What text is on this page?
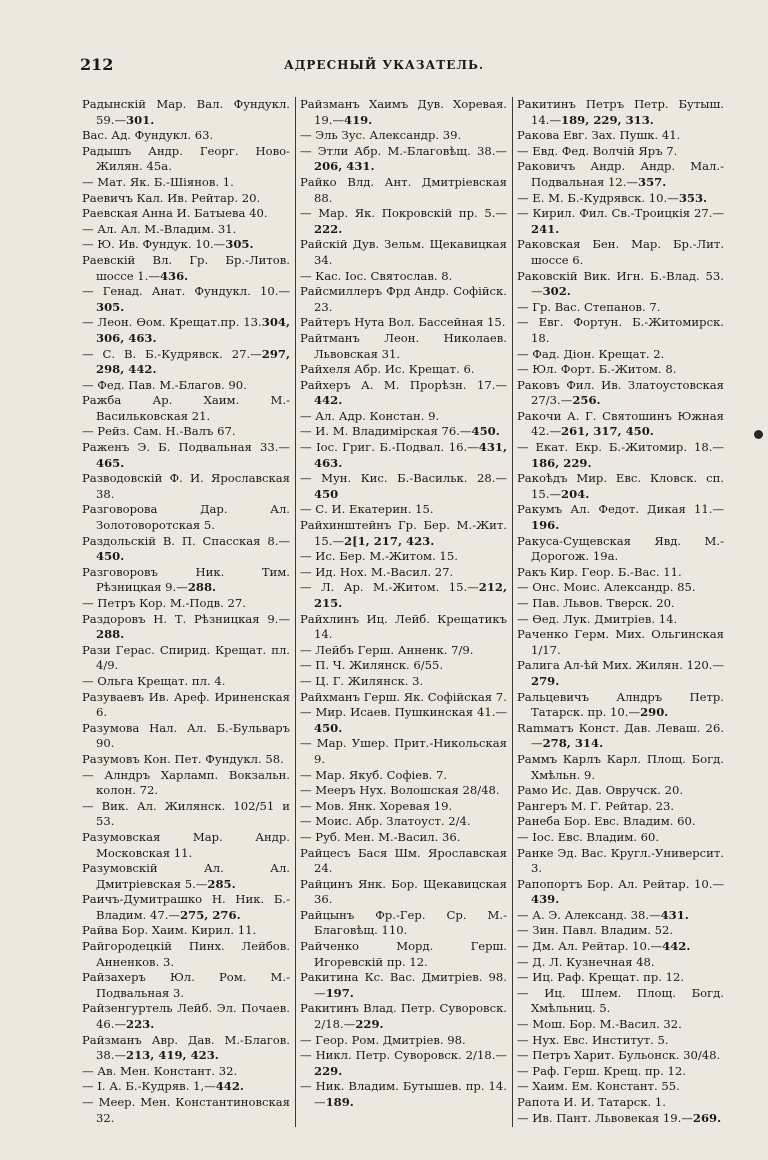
212	АДРЕСНЫЙ УКАЗАТЕЛЬ.

Радынскій Мар. Вал. Фундукл. 59.—301.

Вас. Ад. Фундукл. 63.

Радышъ Андр. Георг. Ново-Жилян. 45а.

— Мат. Як. Б.-Шіянов. 1.

Раевичъ Кал. Ив. Рейтар. 20.

Раевская Анна И. Батыева 40.

— Ал. Ал. М.-Владим. 31.

— Ю. Ив. Фундук. 10.—305.

Раевскій Вл. Гр. Бр.-Литов. шоссе 1.—436.

— Генад. Анат. Фундукл. 10.—305.

— Леон. Ѳом. Крещат.пр. 13.304, 306, 463.

— С. В. Б.-Кудрявск. 27.—297, 298, 442.

— Фед. Пав. М.-Благов. 90.

Ражба Ар. Хаим. М.-Васильковская 21.

— Рейз. Сам. Н.-Валъ 67.

Раженъ Э. Б. Подвальная 33.—465.

Разводовскій Ф. И. Ярославская 38.

Разговорова Дар. Ал. Золотоворотская 5.

Раздольскій В. П. Спасская 8.—450.

Разговоровъ Ник. Тим. Рѣзницкая 9.—288.

— Петръ Кор. М.-Подв. 27.

Раздоровъ Н. Т. Рѣзницкая 9.—288.

Рази Герас. Спирид. Крещат. пл. 4/9.

— Ольга Крещат. пл. 4.

Разуваевъ Ив. Ареф. Ириненская 6.

Разумова Нал. Ал. Б.-Бульваръ 90.

Разумовъ Кон. Пет. Фундукл. 58.

— Алндръ Харламп. Вокзальн. колон. 72.

— Вик. Ал. Жилянск. 102/51 и 53.

Разумовская Мар. Андр. Московская 11.

Разумовскій Ал. Ал. Дмитріевская 5.—285.

Раичъ-Думитрашко Н. Ник. Б.-Владим. 47.—275, 276.

Райва Бор. Хаим. Кирил. 11.

Райгородецкій Пинх. Лейбов. Анненков. 3.

Райзахеръ Юл. Ром. М.-Подвальная 3.

Райзенгуртель Лейб. Эл. Почаев. 46.—223.

Райзманъ Авр. Дав. М.-Благов. 38.—213, 419, 423.

— Ав. Мен. Констант. 32.

— I. А. Б.-Кудряв. 1,—442.

— Меер. Мен. Константиновская 32.

Райзманъ Хаимъ Дув. Хоревая. 19.—419.

— Эль Зус. Александр. 39.

— Этли Абр. М.-Благовѣщ. 38.—206, 431.

Райко Влд. Ант. Дмитріевская 88.

— Мар. Як. Покровскій пр. 5.—222.

Райскій Дув. Зельм. Щекавицкая 34.

— Кас. Іос. Святослав. 8.

Райсмиллеръ Фрд Андр. Софійск. 23.

Райтеръ Нута Вол. Бассейная 15.

Райтманъ Леон. Николаев. Львовская 31.

Райхеля Абр. Ис. Крещат. 6.

Райхеръ А. М. Прорѣзн. 17.—442.

— Ал. Адр. Констан. 9.

— И. М. Владимірская 76.—450.

— Іос. Григ. Б.-Подвал. 16.—431, 463.

— Мун. Кис. Б.-Васильк. 28.—450

— С. И. Екатерин. 15.

Райхинштейнъ Гр. Бер. М.-Жит. 15.—2[1, 217, 423.

— Ис. Бер. М.-Житом. 15.

— Ид. Нох. М.-Васил. 27.

— Л. Ар. М.-Житом. 15.—212, 215.

Райхлинъ Иц. Лейб. Крещатикъ 14.

— Лейбъ Герш. Анненк. 7/9.

— П. Ч. Жилянск. 6/55.

— Ц. Г. Жилянск. 3.

Райхманъ Герш. Як. Софійская 7.

— Мир. Исаев. Пушкинская 41.—450.

— Мар. Ушер. Прит.-Никольская 9.

— Мар. Якуб. Софіев. 7.

— Мееръ Нух. Волошская 28/48.

— Мов. Янк. Хоревая 19.

— Моис. Абр. Златоуст. 2/4.

— Руб. Мен. М.-Васил. 36.

Райцесъ Бася Шм. Ярославская 24.

Райцинъ Янк. Бор. Щекавицская 36.

Райцынъ Фр.-Гер. Ср. М.-Благовѣщ. 110.

Райченко Морд. Герш. Игоревскій пр. 12.

Ракитина Кс. Вас. Дмитріев. 98.—197.

Ракитинъ Влад. Петр. Суворовск. 2/18.—229.

— Геор. Ром. Дмитріев. 98.

— Никл. Петр. Суворовск. 2/18.—229.

— Ник. Владим. Бутышев. пр. 14.—189.

Ракитинъ Петръ Петр. Бутыш. 14.—189, 229, 313.

Ракова Евг. Зах. Пушк. 41.

— Евд. Фед. Волчій Яръ 7.

Раковичъ Андр. Андр. Мал.-Подвальная 12.—357.

— Е. М. Б.-Кудрявск. 10.—353.

— Кирил. Фил. Св.-Троицкія 27.—241.

Раковская Бен. Мар. Бр.-Лит. шоссе 6.

Раковскій Вик. Игн. Б.-Влад. 53.—302.

— Гр. Вас. Степанов. 7.

— Евг. Фортун. Б.-Житомирск. 18.

— Фад. Діон. Крещат. 2.

— Юл. Форт. Б.-Житом. 8.

Раковъ Фил. Ив. Златоустовская 27/3.—256.

Ракочи А. Г. Святошинъ Южная 42.—261, 317, 450.

— Екат. Екр. Б.-Житомир. 18.—186, 229.

Ракоѣдъ Мир. Евс. Кловск. сп. 15.—204.

Ракумъ Ал. Федот. Дикая 11.—196.

Ракуса-Сущевская Явд. М.-Дорогож. 19а.

Ракъ Кир. Геор. Б.-Вас. 11.

— Онс. Моис. Александр. 85.

— Пав. Львов. Тверск. 20.

— Ѳед. Лук. Дмитріев. 14.

Раченко Герм. Мих. Ольгинская 1/17.

Ралига Ал-ѣй Мих. Жилян. 120.—279.

Ральцевичъ Алндръ Петр. Татарск. пр. 10.—290.

Ramматъ Конст. Дав. Леваш. 26.—278, 314.

Раммъ Карлъ Карл. Площ. Богд. Хмѣльн. 9.

Рамо Ис. Дав. Овручск. 20.

Рангеръ М. Г. Рейтар. 23.

Ранеба Бор. Евс. Владим. 60.

— Іос. Евс. Владим. 60.

Ранке Эд. Вас. Кругл.-Университ. 3.

Рапопортъ Бор. Ал. Рейтар. 10.—439.

— А. Э. Александ. 38.—431.

— Зин. Павл. Владим. 52.

— Дм. Ал. Рейтар. 10.—442.

— Д. Л. Кузнечная 48.

— Иц. Раф. Крещат. пр. 12.

— Иц. Шлем. Площ. Богд. Хмѣльниц. 5.

— Мош. Бор. М.-Васил. 32.

— Нух. Евс. Институт. 5.

— Петръ Харит. Бульонск. 30/48.

— Раф. Герш. Крещ. пр. 12.

— Хаим. Ем. Констант. 55.

Рапота И. И. Татарск. 1.

— Ив. Пант. Львовекая 19.—269.
